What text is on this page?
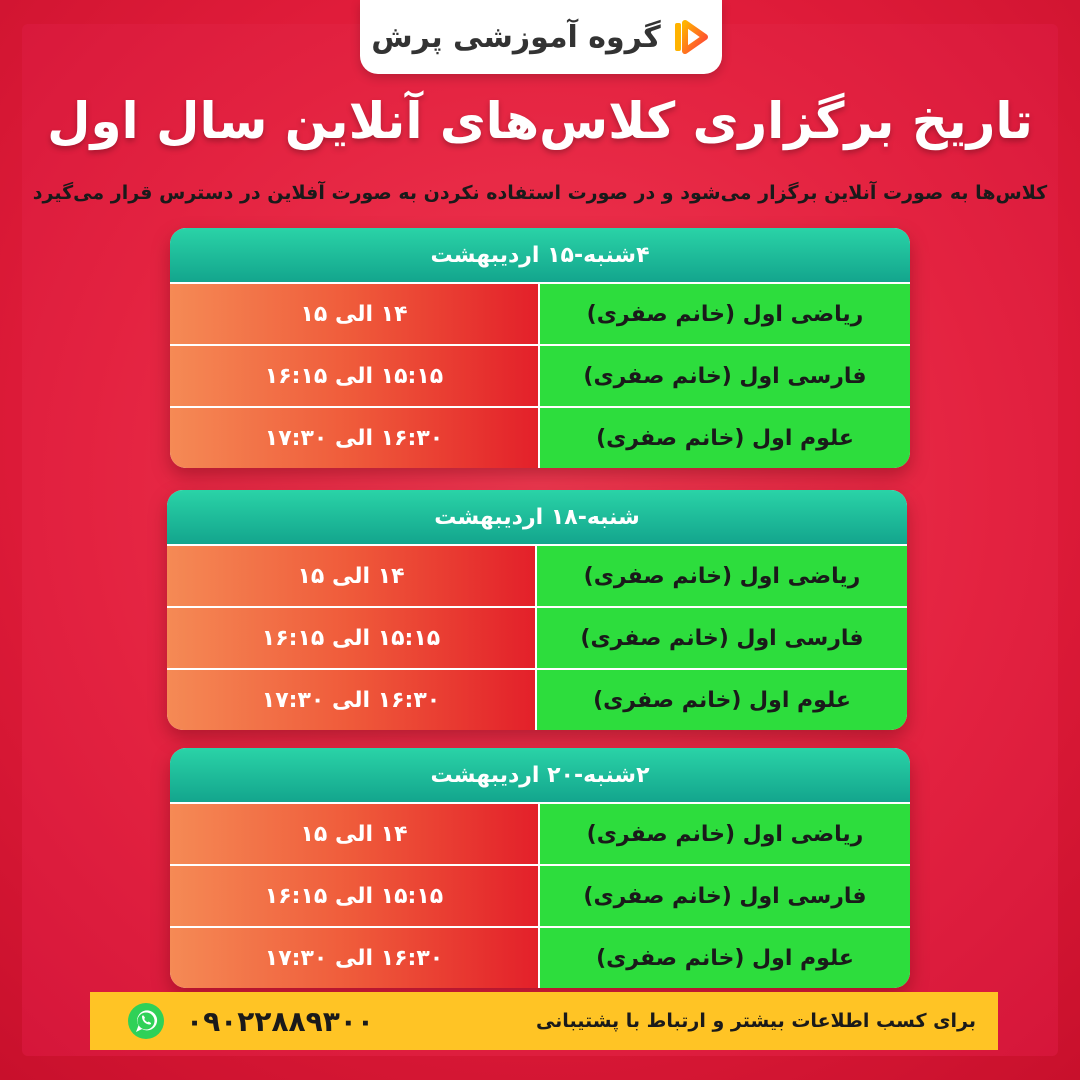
گروه آموزشی پرش
تاریخ برگزاری کلاس‌های آنلاین سال اول
کلاس‌ها به صورت آنلاین برگزار می‌شود و در صورت استفاده نکردن به صورت آفلاین در دسترس قرار می‌گیرد
۴شنبه-۱۵ اردیبهشت
ریاضی اول (خانم صفری)
۱۴ الی ۱۵
فارسی اول (خانم صفری)
۱۵:۱۵ الی ۱۶:۱۵
علوم اول (خانم صفری)
۱۶:۳۰ الی ۱۷:۳۰
شنبه-۱۸ اردیبهشت
ریاضی اول (خانم صفری)
۱۴ الی ۱۵
فارسی اول (خانم صفری)
۱۵:۱۵ الی ۱۶:۱۵
علوم اول (خانم صفری)
۱۶:۳۰ الی ۱۷:۳۰
۲شنبه-۲۰ اردیبهشت
ریاضی اول (خانم صفری)
۱۴ الی ۱۵
فارسی اول (خانم صفری)
۱۵:۱۵ الی ۱۶:۱۵
علوم اول (خانم صفری)
۱۶:۳۰ الی ۱۷:۳۰
۰۹۰۲۲۸۸۹۳۰۰	برای کسب اطلاعات بیشتر و ارتباط با پشتیبانی
